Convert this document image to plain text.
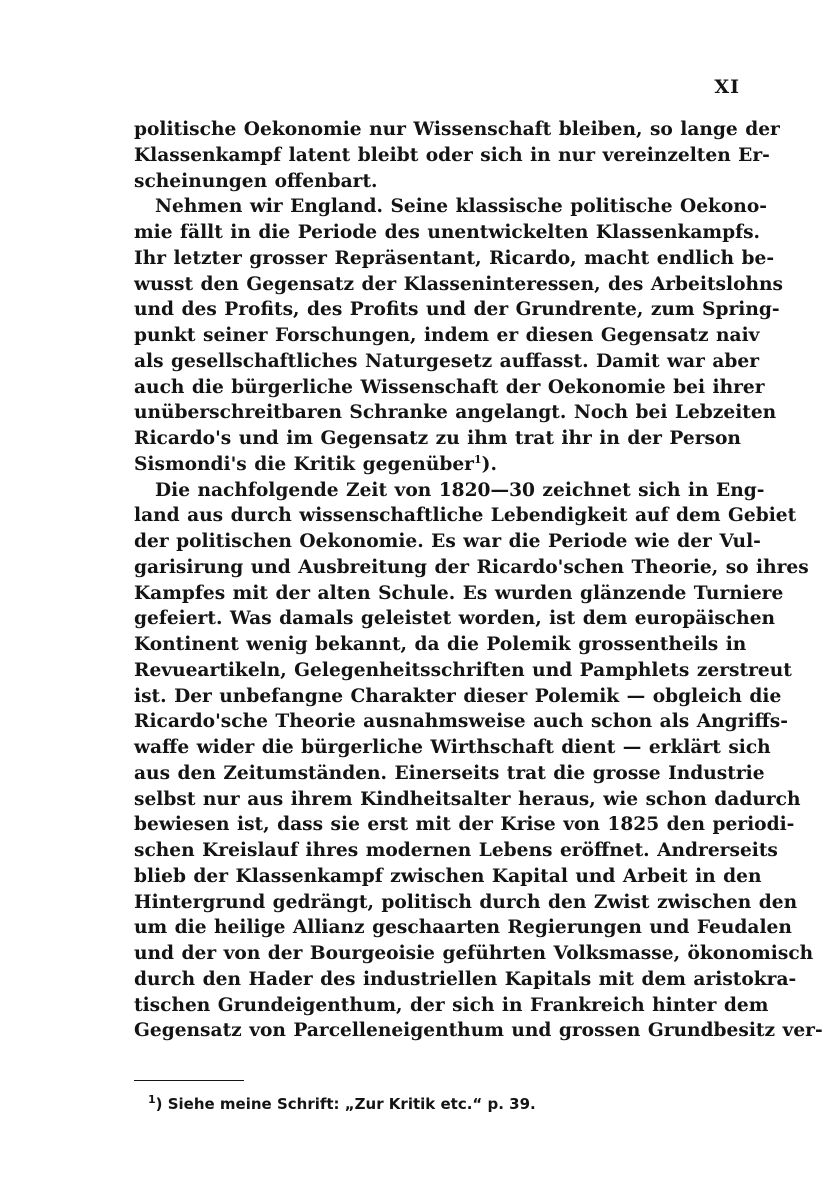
XI
politische Oekonomie nur Wissenschaft bleiben, so lange der
Klassenkampf latent bleibt oder sich in nur vereinzelten Er-
scheinungen offenbart.
Nehmen wir England. Seine klassische politische Oekono-
mie fällt in die Periode des unentwickelten Klassenkampfs.
Ihr letzter grosser Repräsentant, Ricardo, macht endlich be-
wusst den Gegensatz der Klasseninteressen, des Arbeitslohns
und des Profits, des Profits und der Grundrente, zum Spring-
punkt seiner Forschungen, indem er diesen Gegensatz naiv
als gesellschaftliches Naturgesetz auffasst. Damit war aber
auch die bürgerliche Wissenschaft der Oekonomie bei ihrer
unüberschreitbaren Schranke angelangt. Noch bei Lebzeiten
Ricardo's und im Gegensatz zu ihm trat ihr in der Person
Sismondi's die Kritik gegenüber$^1$).
Die nachfolgende Zeit von 1820—30 zeichnet sich in Eng-
land aus durch wissenschaftliche Lebendigkeit auf dem Gebiet
der politischen Oekonomie. Es war die Periode wie der Vul-
garisirung und Ausbreitung der Ricardo'schen Theorie, so ihres
Kampfes mit der alten Schule. Es wurden glänzende Turniere
gefeiert. Was damals geleistet worden, ist dem europäischen
Kontinent wenig bekannt, da die Polemik grossentheils in
Revueartikeln, Gelegenheitsschriften und Pamphlets zerstreut
ist. Der unbefangne Charakter dieser Polemik — obgleich die
Ricardo'sche Theorie ausnahmsweise auch schon als Angriffs-
waffe wider die bürgerliche Wirthschaft dient — erklärt sich
aus den Zeitumständen. Einerseits trat die grosse Industrie
selbst nur aus ihrem Kindheitsalter heraus, wie schon dadurch
bewiesen ist, dass sie erst mit der Krise von 1825 den periodi-
schen Kreislauf ihres modernen Lebens eröffnet. Andrerseits
blieb der Klassenkampf zwischen Kapital und Arbeit in den
Hintergrund gedrängt, politisch durch den Zwist zwischen den
um die heilige Allianz geschaarten Regierungen und Feudalen
und der von der Bourgeoisie geführten Volksmasse, ökonomisch
durch den Hader des industriellen Kapitals mit dem aristokra-
tischen Grundeigenthum, der sich in Frankreich hinter dem
Gegensatz von Parcelleneigenthum und grossen Grundbesitz ver-
$^1$) Siehe meine Schrift: „Zur Kritik etc.“ p. 39.
